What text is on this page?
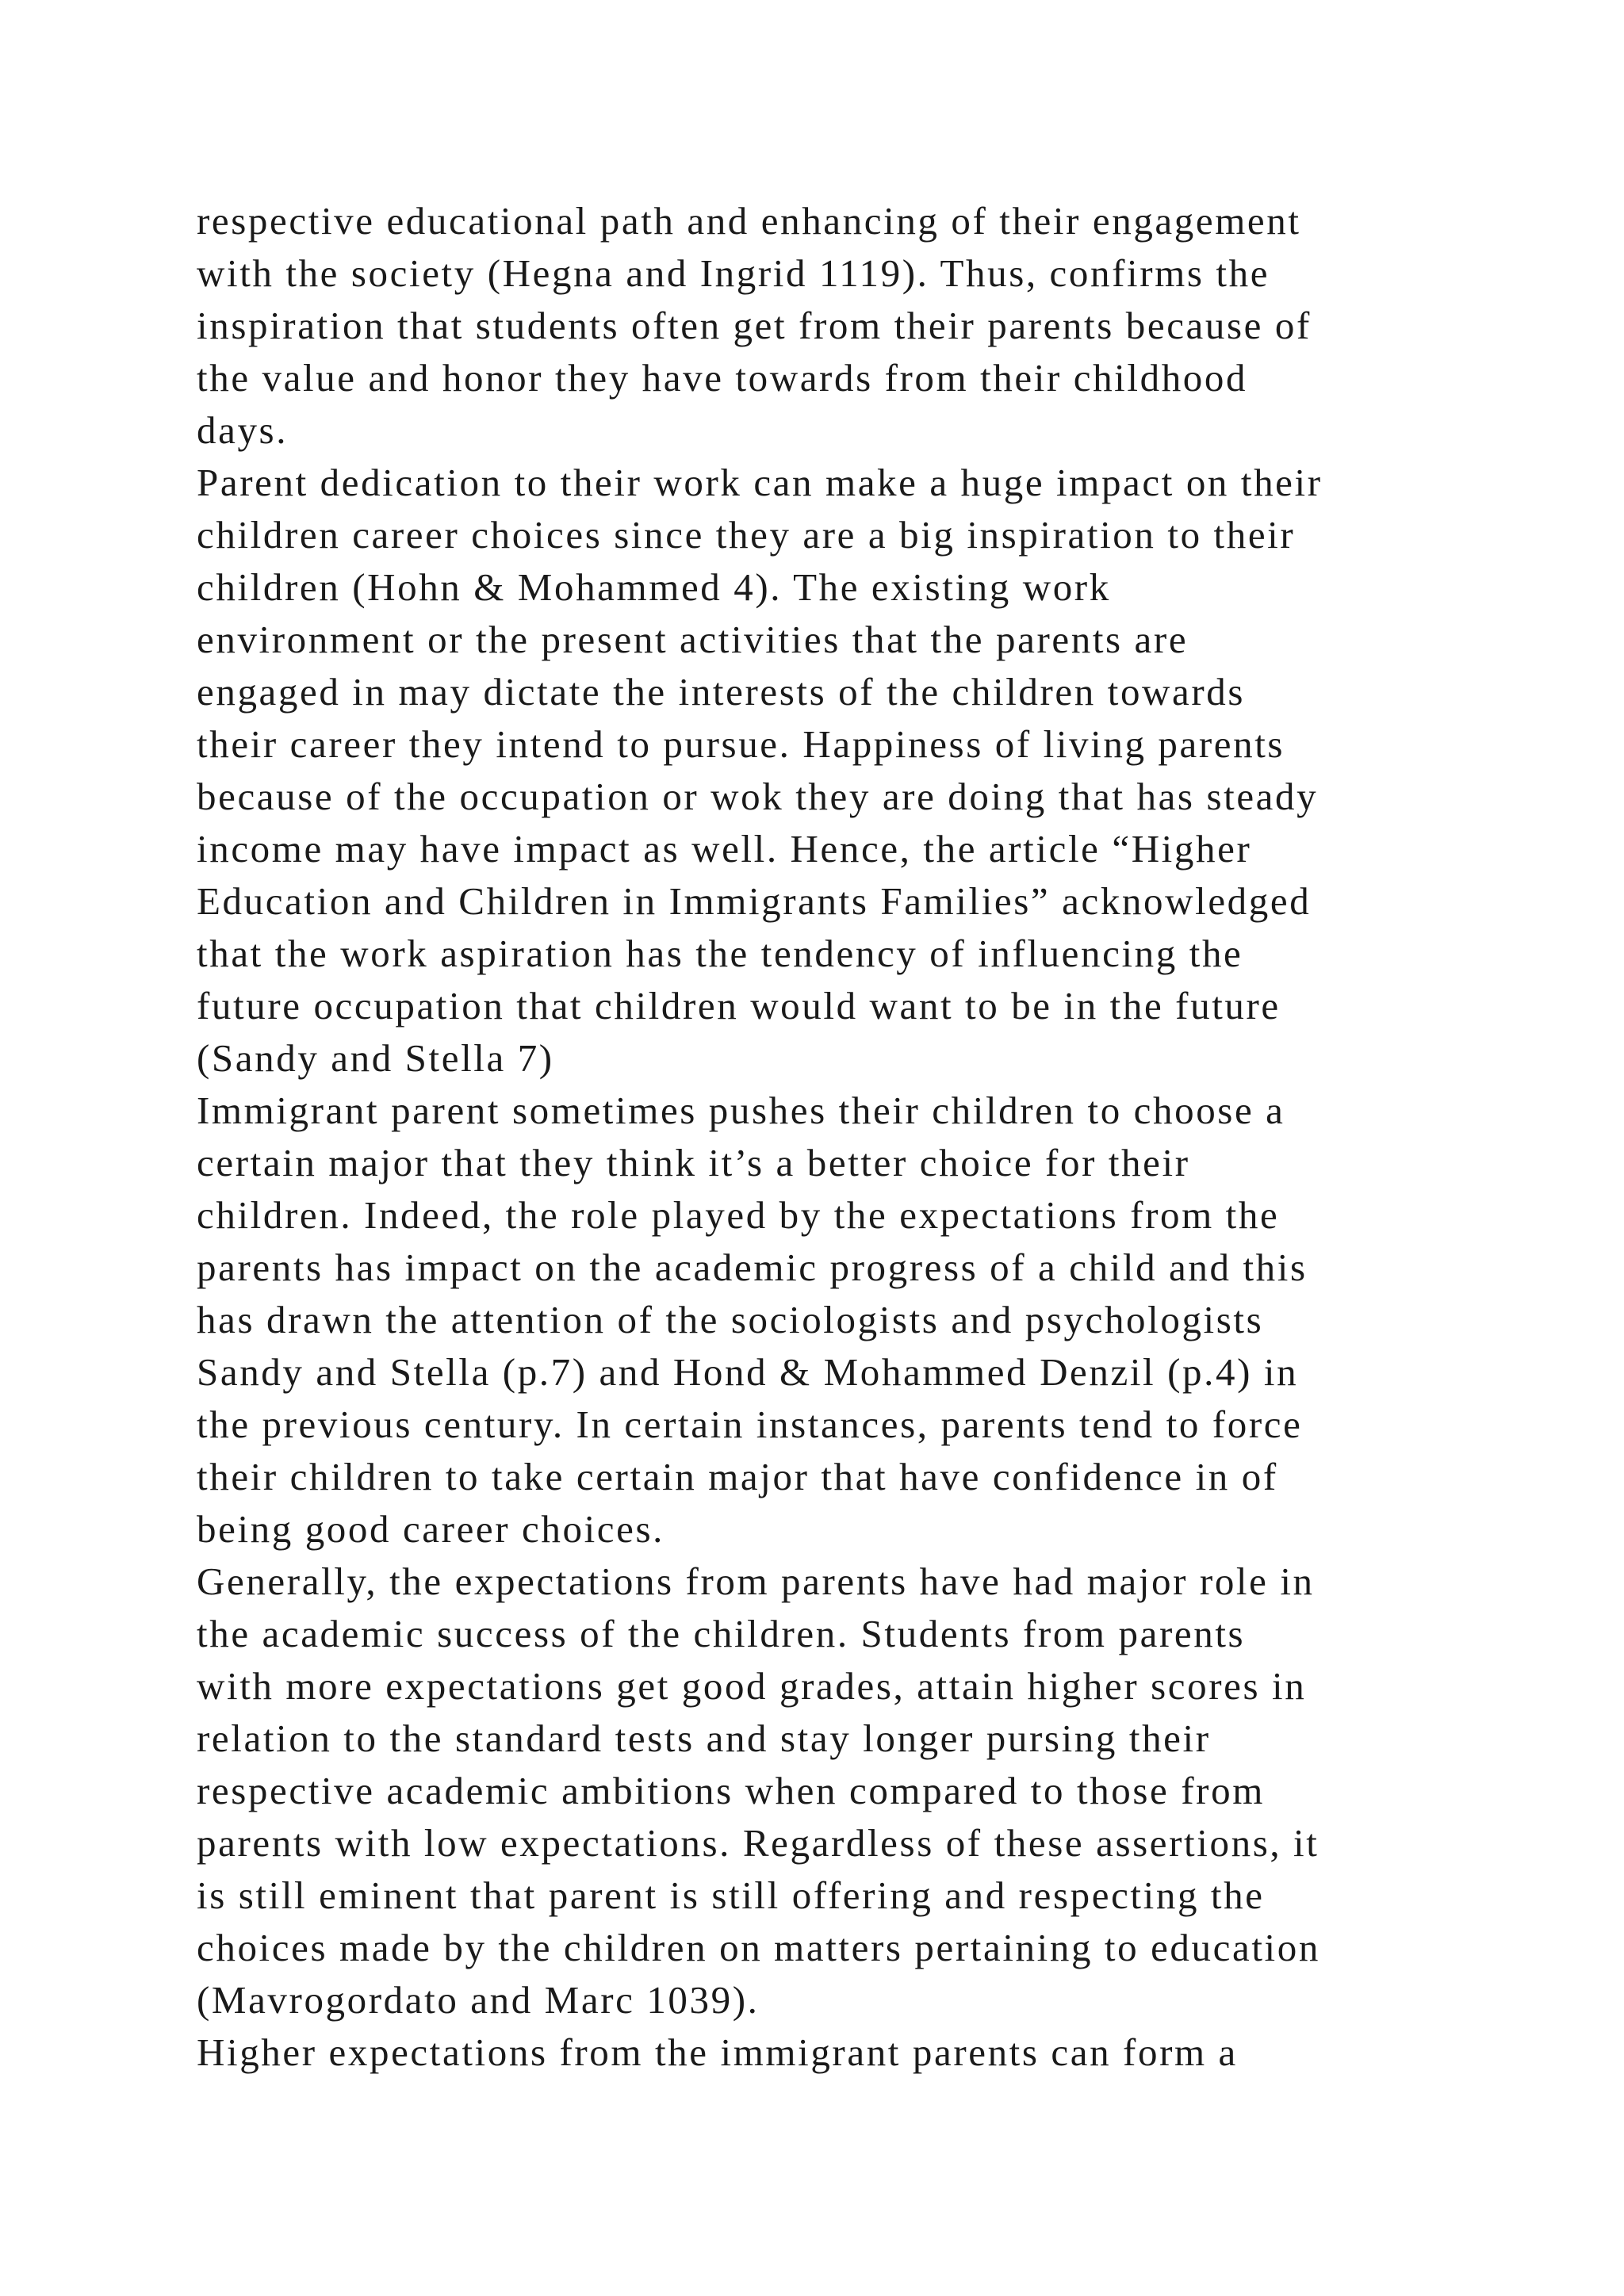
respective educational path and enhancing of their engagement
with the society (Hegna and Ingrid 1119). Thus, confirms the
inspiration that students often get from their parents because of
the value and honor they have towards from their childhood
days.
Parent dedication to their work can make a huge impact on their
children career choices since they are a big inspiration to their
children (Hohn & Mohammed 4). The existing work
environment or the present activities that the parents are
engaged in may dictate the interests of the children towards
their career they intend to pursue. Happiness of living parents
because of the occupation or wok they are doing that has steady
income may have impact as well. Hence, the article “Higher
Education and Children in Immigrants Families” acknowledged
that the work aspiration has the tendency of influencing the
future occupation that children would want to be in the future
(Sandy and Stella 7)
Immigrant parent sometimes pushes their children to choose a
certain major that they think it’s a better choice for their
children. Indeed, the role played by the expectations from the
parents has impact on the academic progress of a child and this
has drawn the attention of the sociologists and psychologists
Sandy and Stella (p.7) and Hond & Mohammed Denzil (p.4) in
the previous century. In certain instances, parents tend to force
their children to take certain major that have confidence in of
being good career choices.
Generally, the expectations from parents have had major role in
the academic success of the children. Students from parents
with more expectations get good grades, attain higher scores in
relation to the standard tests and stay longer pursing their
respective academic ambitions when compared to those from
parents with low expectations. Regardless of these assertions, it
is still eminent that parent is still offering and respecting the
choices made by the children on matters pertaining to education
(Mavrogordato and Marc 1039).
Higher expectations from the immigrant parents can form a
